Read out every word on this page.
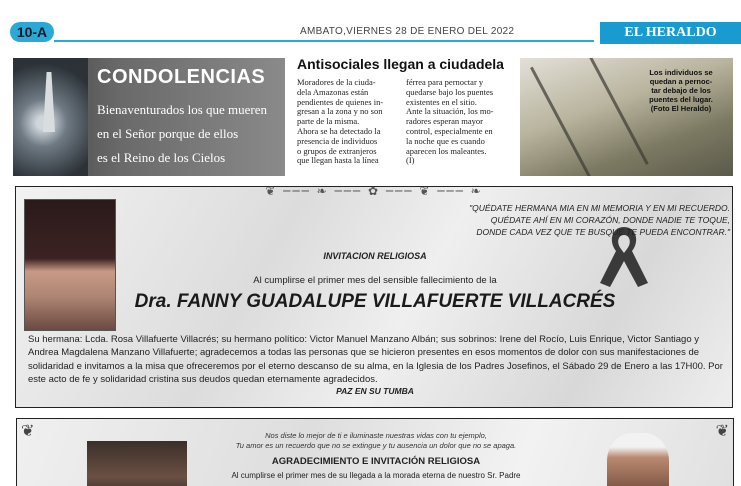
10-A	AMBATO,VIERNES 28 DE ENERO DEL 2022	EL HERALDO
CONDOLENCIAS
Bienaventurados los que mueren
en el Señor porque de ellos
es el Reino de los Cielos
Antisociales llegan a ciudadela
Moradores de la ciuda-
dela Amazonas están
pendientes de quienes in-
gresan a la zona y no son
parte de la misma.
Ahora se ha detectado la
presencia de individuos
o grupos de extranjeros
que llegan hasta la línea
férrea para pernoctar y
quedarse bajo los puentes
existentes en el sitio.
Ante la situación, los mo-
radores esperan mayor
control, especialmente en
la noche que es cuando
aparecen los maleantes.
(I)
Los individuos se
quedan a pernoc-
tar debajo de los
puentes del lugar.
(Foto El Heraldo)
❦ ─── ❧ ─── ✿ ─── ❦ ─── ❧
"QUÉDATE HERMANA MIA EN MI MEMORIA Y EN MI RECUERDO.
QUÉDATE AHÍ EN MI CORAZÓN, DONDE NADIE TE TOQUE,
DONDE CADA VEZ QUE TE BUSQUE TE PUEDA ENCONTRAR."
INVITACION RELIGIOSA
Al cumplirse el primer mes del sensible fallecimiento de la
Dra. FANNY GUADALUPE VILLAFUERTE VILLACRÉS
Su hermana: Lcda. Rosa Villafuerte Villacrés; su hermano político: Victor Manuel Manzano Albán; sus sobrinos: Irene del Rocío, Luis Enrique, Victor Santiago y Andrea Magdalena Manzano Villafuerte; agradecemos a todas las personas que se hicieron presentes en esos momentos de dolor con sus manifestaciones de solidaridad e invitamos a la misa que ofreceremos por el eterno descanso de su alma, en la Iglesia de los Padres Josefinos, el Sábado 29 de Enero a las 17H00. Por este acto de fe y solidaridad cristina sus deudos quedan eternamente agradecidos.
PAZ EN SU TUMBA
❦	❦
Nos diste lo mejor de ti e iluminaste nuestras vidas con tu ejemplo,
Tu amor es un recuerdo que no se extingue y tu ausencia un dolor que no se apaga.
AGRADECIMIENTO E INVITACIÓN RELIGIOSA
Al cumplirse el primer mes de su llegada a la morada eterna de nuestro Sr. Padre
